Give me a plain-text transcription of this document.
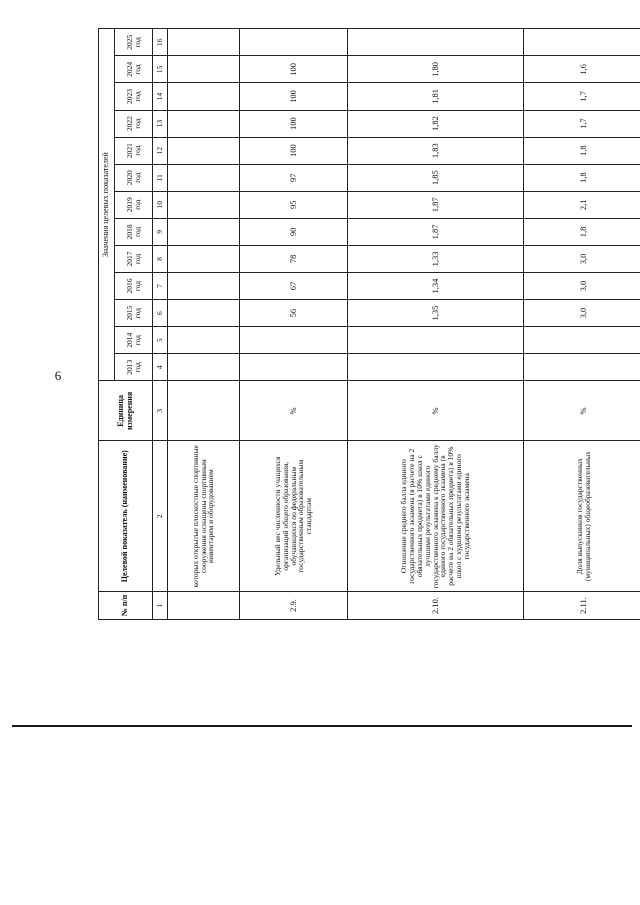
6
№ п/п	Целевой показатель (наименование)	Единица измерения	Значения целевых показателей												
			2013 год	2014 год	2015 год	2016 год	2017 год	2018 год	2019 год	2020 год	2021 год	2022 год	2023 год	2024 год	2025 год
1	2	3	4	5	6	7	8	9	10	11	12	13	14	15	16
	которых открытые плоскостные спортивные сооружения оснащены спортивным инвентарем и оборудованием														
2.9.	Удельный вес численности учащихся организаций общего образования, обучающихся по федеральным государственным образовательным стандартам	%			56	67	78	90	95	97	100	100	100	100	
2.10.	Отношение среднего балла единого государственного экзамена (в расчете на 2 обязательных предмета) в 10% школ с лучшими результатами единого государственного экзамена к среднему баллу единого государственного экзамена (в расчете на 2 обязательных предмета) в 10% школ с худшими результатами единого государственного экзамена	%			1,35	1,34	1,33	1,87	1,87	1,85	1,83	1,82	1,81	1,80	
2.11.	Доля выпускников государственных (муниципальных) общеобразовательных	%			3,0	3,0	3,0	1,8	2,1	1,8	1,8	1,7	1,7	1,6	
